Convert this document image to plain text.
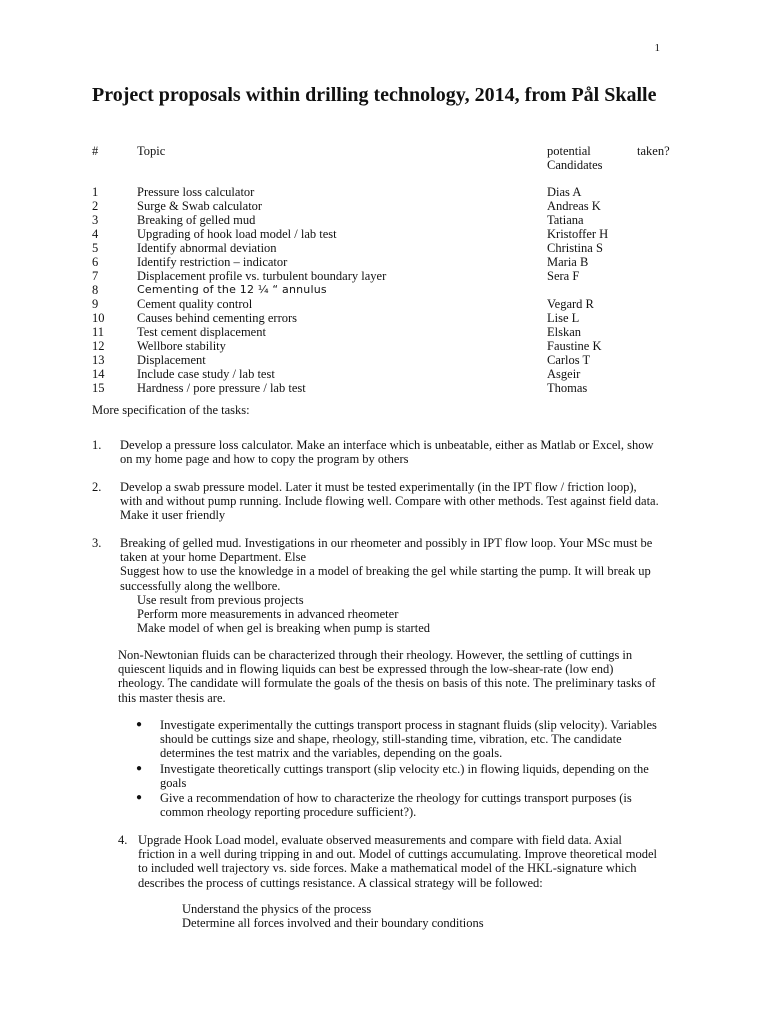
1
Project proposals within drilling technology, 2014, from Pål Skalle
#	Topic	potential	taken?
Candidates
1	Pressure loss calculator	Dias A
2	Surge & Swab calculator	Andreas K
3	Breaking of gelled mud	Tatiana
4	Upgrading of hook load model / lab test	Kristoffer H
5	Identify abnormal deviation	Christina S
6	Identify restriction – indicator	Maria B
7	Displacement profile vs. turbulent boundary layer	Sera F
8	Cementing of the 12 ¼ “ annulus
9	Cement quality control	Vegard R
10	Causes behind cementing errors	Lise L
11	Test cement displacement	Elskan
12	Wellbore stability	Faustine K
13	Displacement	Carlos T
14	Include case study / lab test	Asgeir
15	Hardness / pore pressure / lab test	Thomas
More specification of the tasks:
1. Develop a pressure loss calculator. Make an interface which is unbeatable, either as Matlab or Excel, show
on my home page and how to copy the program by others
2. Develop a swab pressure model. Later it must be tested experimentally (in the IPT flow / friction loop),
with and without pump running. Include flowing well. Compare with other methods. Test against field data.
Make it user friendly
3. Breaking of gelled mud. Investigations in our rheometer and possibly in IPT flow loop. Your MSc must be
taken at your home Department. Else
Suggest how to use the knowledge in a model of breaking the gel while starting the pump. It will break up
successfully along the wellbore.
Use result from previous projects
Perform more measurements in advanced rheometer
Make model of when gel is breaking when pump is started
Non-Newtonian fluids can be characterized through their rheology. However, the settling of cuttings in
quiescent liquids and in flowing liquids can best be expressed through the low-shear-rate (low end)
rheology. The candidate will formulate the goals of the thesis on basis of this note. The preliminary tasks of
this master thesis are.
● Investigate experimentally the cuttings transport process in stagnant fluids (slip velocity). Variables
should be cuttings size and shape, rheology, still-standing time, vibration, etc. The candidate
determines the test matrix and the variables, depending on the goals.
● Investigate theoretically cuttings transport (slip velocity etc.) in flowing liquids, depending on the
goals
● Give a recommendation of how to characterize the rheology for cuttings transport purposes (is
common rheology reporting procedure sufficient?).
4. Upgrade Hook Load model, evaluate observed measurements and compare with field data. Axial
friction in a well during tripping in and out. Model of cuttings accumulating. Improve theoretical model
to included well trajectory vs. side forces. Make a mathematical model of the HKL-signature which
describes the process of cuttings resistance. A classical strategy will be followed:
Understand the physics of the process
Determine all forces involved and their boundary conditions
